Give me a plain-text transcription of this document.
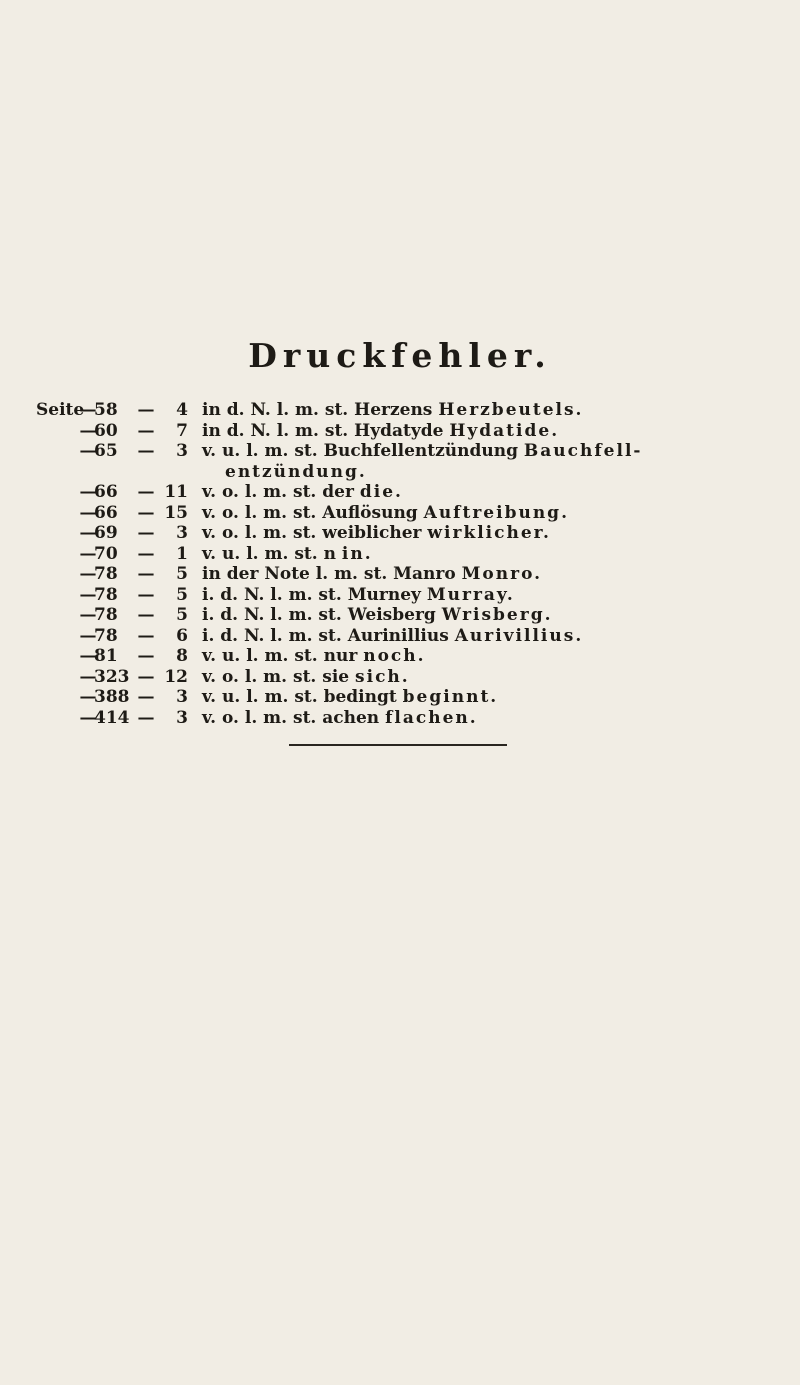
Druckfehler.
Seite
—
58	—	4 in d. N. l. m. st. Herzens Herzbeutels.
—
60	—	7 in d. N. l. m. st. Hydatyde Hydatide.
—
65	—	3 v. u. l. m. st. Buchfellentzündung Bauchfell-
entzündung.
—
66	— 11 v. o. l. m. st. der die.
—
66	— 15 v. o. l. m. st. Auflösung Auftreibung.
—
69	—	3 v. o. l. m. st. weiblicher wirklicher.
—
70	—	1 v. u. l. m. st. n in.
—
78	—	5 in der Note l. m. st. Manro Monro.
—
78	—	5 i. d. N. l. m. st. Murney Murray.
—
78	—	5 i. d. N. l. m. st. Weisberg Wrisberg.
—
78	—	6 i. d. N. l. m. st. Aurinillius Aurivillius.
—
81	—	8 v. u. l. m. st. nur noch.
—
323 — 12 v. o. l. m. st. sie sich.
—
388 —	3 v. u. l. m. st. bedingt beginnt.
—
414 —	3 v. o. l. m. st. achen flachen.
